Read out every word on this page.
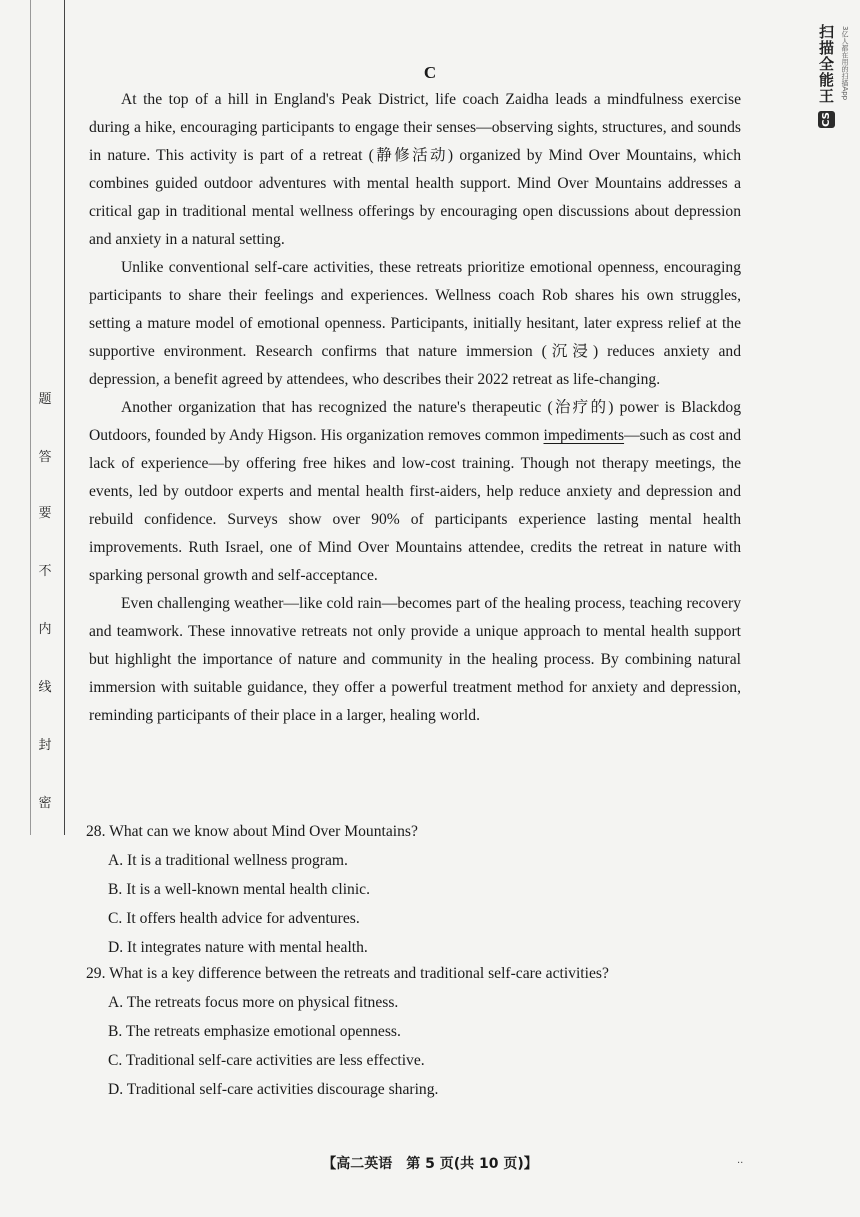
题
答
要
不
内
线
封
密
扫描全能王 3亿人都在用的扫描App
CS
C

At the top of a hill in England's Peak District, life coach Zaidha leads a mindfulness exercise during a hike, encouraging participants to engage their senses—observing sights, structures, and sounds in nature. This activity is part of a retreat (静修活动) organized by Mind Over Mountains, which combines guided outdoor adventures with mental health support. Mind Over Mountains addresses a critical gap in traditional mental wellness offerings by encouraging open discussions about depression and anxiety in a natural setting.

Unlike conventional self-care activities, these retreats prioritize emotional openness, encouraging participants to share their feelings and experiences. Wellness coach Rob shares his own struggles, setting a mature model of emotional openness. Participants, initially hesitant, later express relief at the supportive environment. Research confirms that nature immersion (沉浸) reduces anxiety and depression, a benefit agreed by attendees, who describes their 2022 retreat as life-changing.

Another organization that has recognized the nature's therapeutic (治疗的) power is Blackdog Outdoors, founded by Andy Higson. His organization removes common impediments—such as cost and lack of experience—by offering free hikes and low-cost training. Though not therapy meetings, the events, led by outdoor experts and mental health first-aiders, help reduce anxiety and depression and rebuild confidence. Surveys show over 90% of participants experience lasting mental health improvements. Ruth Israel, one of Mind Over Mountains attendee, credits the retreat in nature with sparking personal growth and self-acceptance.

Even challenging weather—like cold rain—becomes part of the healing process, teaching recovery and teamwork. These innovative retreats not only provide a unique approach to mental health support but highlight the importance of nature and community in the healing process. By combining natural immersion with suitable guidance, they offer a powerful treatment method for anxiety and depression, reminding participants of their place in a larger, healing world.

28. What can we know about Mind Over Mountains?

A. It is a traditional wellness program.

B. It is a well-known mental health clinic.

C. It offers health advice for adventures.

D. It integrates nature with mental health.

29. What is a key difference between the retreats and traditional self-care activities?

A. The retreats focus more on physical fitness.

B. The retreats emphasize emotional openness.

C. Traditional self-care activities are less effective.

D. Traditional self-care activities discourage sharing.

【高二英语　第 5 页(共 10 页)】	··
